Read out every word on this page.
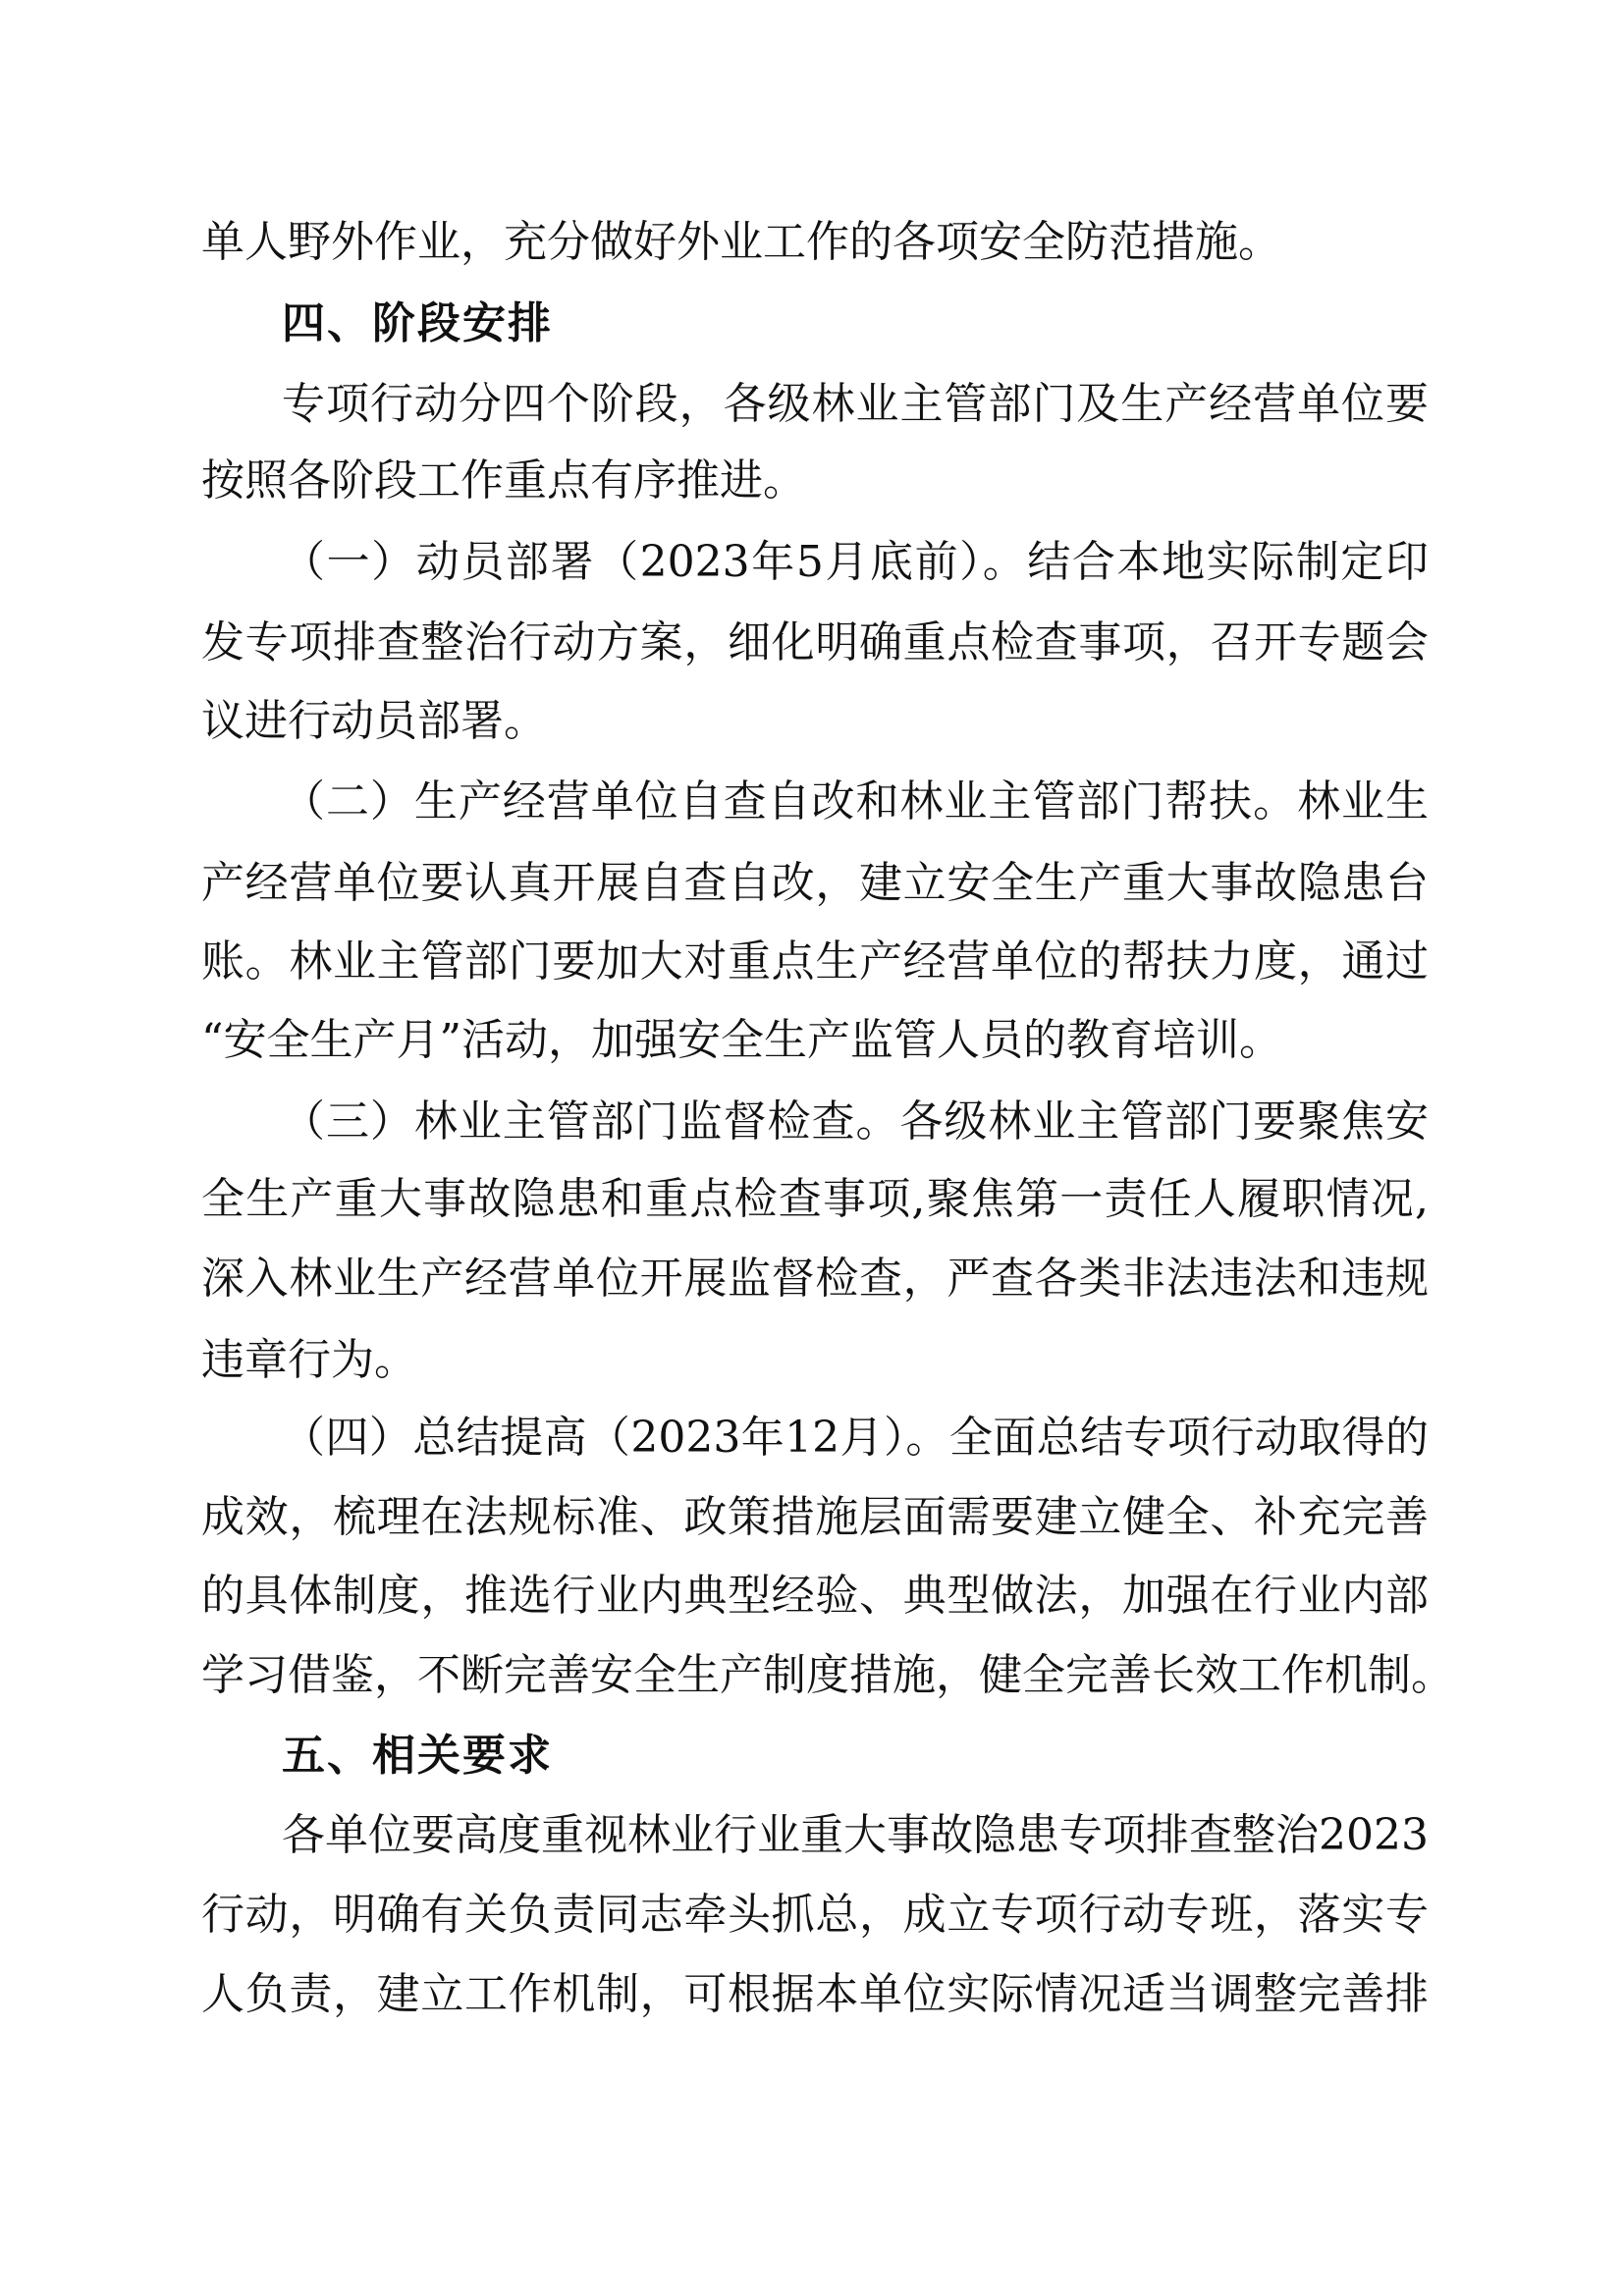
单人野外作业，充分做好外业工作的各项安全防范措施。
四、阶段安排
专项行动分四个阶段，各级林业主管部门及生产经营单位要
按照各阶段工作重点有序推进。
（一）动员部署（2023年5月底前）。结合本地实际制定印
发专项排查整治行动方案，细化明确重点检查事项，召开专题会
议进行动员部署。
（二）生产经营单位自查自改和林业主管部门帮扶。林业生
产经营单位要认真开展自查自改，建立安全生产重大事故隐患台
账。林业主管部门要加大对重点生产经营单位的帮扶力度，通过
“安全生产月”活动，加强安全生产监管人员的教育培训。
（三）林业主管部门监督检查。各级林业主管部门要聚焦安
全生产重大事故隐患和重点检查事项,聚焦第一责任人履职情况,
深入林业生产经营单位开展监督检查，严查各类非法违法和违规
违章行为。
（四）总结提高（2023年12月）。全面总结专项行动取得的
成效，梳理在法规标准、政策措施层面需要建立健全、补充完善
的具体制度，推选行业内典型经验、典型做法，加强在行业内部
学习借鉴，不断完善安全生产制度措施，健全完善长效工作机制。
五、相关要求
各单位要高度重视林业行业重大事故隐患专项排查整治2023
行动，明确有关负责同志牵头抓总，成立专项行动专班，落实专
人负责，建立工作机制，可根据本单位实际情况适当调整完善排
